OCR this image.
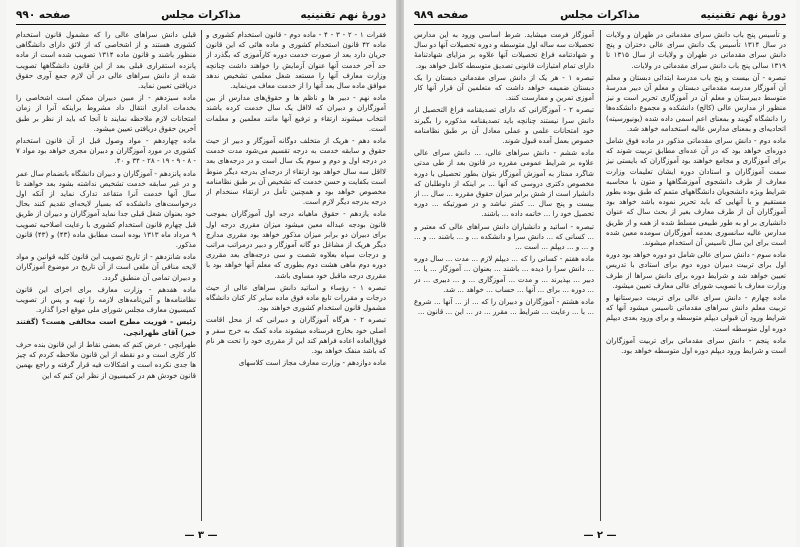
دورهٔ نهم تقنینیه
مذاکرات مجلس
صفحه ۹۹۰

فقرات ۱ - ۲ - ۳ - ۴ - ماده دوم - قانون استخدام کشوری و ماده ۴۲ قانون استخدام کشوری و ماده هائی که این قانون جریان دارد بعد از صورت خدمت دوره کارآموزی که بگذرد از حد آخر خدمت آنها عنوان آزمایش را خواهند داشت چنانچه وزارت معارف آنها را مستعد شغل معلمی تشخیص ندهد موافق ماده سال بعد آنها را از خدمت معاف می‌نماید.

ماده نهم - دبیر ها و ناظم ها و حقوق‌های مدارس از بین آموزگاران و دبیران که لااقل یک سال خدمت کرده باشند انتخاب میشوند ارتقاء و ترفیع آنها مانند معلمین و معلمات است.

ماده دهم - هریک از متخلف دوگانه آموزگار و دبیر از حیث حقوق و سابقه خدمت به درجه تقسیم می‌شود مدت خدمت در درجه اول و دوم و سوم یک سال است و در درجه‌های بعد لااقل سه سال خواهد بود ارتقاء از درجه‌ای بدرجه دیگر منوط است بکفایت و حسن خدمت که تشخیص آن بر طبق نظامنامه مخصوص خواهد بود و همچنین تأمل در ارتقاء سنخدام از درجه بدرجه دیگر لازم است.

ماده یازدهم - حقوق ماهیانه درجه اول آموزگاران بموجب قانون بودجه عبداله معین میشود میزان مقرری درجه اول برای دبیران دو برابر میزان مذکور خواهد بود مقرری مدارج دیگر هریک از مشاغل دو گانه آموزگار و دبیر درمراتب مراتب و درجات سپاه بعلاوه شصت و سی درجه‌های بعد مقرری دوره دوم ماهی هشت دوم بطوری که معلم آنها خواهد بود با مقرری درجه ماقبل خود مساوی باشد.

تبصره ۱ - رؤساء و اساتید دانش سراهای عالی از حیث درجات و مقررات تابع ماده فوق ماده سایر کار کنان دانشگاه مشمول قانون استخدام کشوری خواهند بود.

تبصره ۲ - هرگاه آموزگاران و دبیرانی که از محل اقامت اصلی خود بخارج فرستاده میشوند ماده کمک به خرج سفر و فوق‌العاده اعاده فراهم کند این از مقرری خود را تحت هر نام که باشد منفک خواهد بود.

ماده دوازدهم - وزارت معارف مجاز است کلاسهای

قبلی دانش سراهای عالی را که مشمول قانون استخدام کشوری هستند و از اشخاصی که از لائق دارای دانشگاهی منظور باشند و قانون ماده ۱۳۱۴ تصویب شده است از ماده پانزده استقراری قبلی بعد از این قانون دانشگاهها تصویب شده از دانش سراهای عالی در آن لازم جمع آوری حقوق دریافتی تعیین نماید.

ماده سیزدهم - از مبین دبیران ممکن است اشخاصی را بخدمات اداری انتقال داد مشروط براینکه آنرا از زمان امتحانات لازم ملاحظه نمایند تا آنجا که باید از نظر بر طبق آخرین حقوق دریافتی تعیین میشود.

ماده چهاردهم - مواد وصول قبل از آن قانون استخدام کشوری در مورد آموزگاران و دبیران مجری خواهد بود مواد ۷ - ۸ - ۹ - ۱۹ - ۲۸ - ۳۴ و ۴۰.

ماده پانزدهم - آموزگاران و دبیران دانشگاه بانضمام سال عمر و در غیر سابقه خدمت تشخیص نداشته بشود بعد خواهند تا سال آنها خدمت آنرا متقاعد تدارک نماید از آنکه اول درخواست‌های دانشکده که بسیار لایحه‌ای تقدیم کنند بحال خود بعنوان شغل قبلی جدا نماید آموزگاران و دبیران از طریق قبل چهارم قانون استخدام کشوری با رعایت اصلاحیه تصویب ۹ مرداد ماه ۱۳۱۳ بوده است مطابق ماده (۴۳) و (۴۳) قانون مذکور.

ماده شانزدهم - از تاریخ تصویب این قانون کلیه قوانین و مواد لایحه منافی آن ملغی است از آن تاریخ در موضوع آموزگاران و دبیران تمامی آن منطبق گردد.

ماده هفدهم - وزارت معارف برای اجرای این قانون نظامنامه‌ها و آئین‌نامه‌های لازمه را تهیه و پس از تصویب کمیسیون معارف مجلس شورای ملی موقع اجرا گذارد.

رئیس - فوریت مطرح است مخالفی هست؟ (گفتند خیر) آقای طهرانچی.

طهرانچی - عرض کنم که بعضی نقاط از این قانون بنده حرف کار کاری است و دو نقطه از این قانون ملاحظه کردم که چیز ها جدی نکرده است و اشکالات فیه قرار گرفته و راجع بهمین قانون خودش هم در کمیسیون از نظر این کنم که این

— ۳ —
دورهٔ نهم تقنینیه
مذاکرات مجلس
صفحه ۹۸۹

و تأسیس پنج باب دانش سرای مقدماتی در طهران و ولایات در سال ۱۳۱۴ تأسیس یک دانش سرای عالی دختران و پنج دانش سرای مقدماتی در طهران و ولایات از سال ۱۳۱۵ تا ۱۳۱۹ سالی پنج باب دانش سرای مقدماتی در ولایات.

تبصره - آن بیست و پنج باب مدرسهٔ ابتدائی دبستان و معلم آن آموزگار مدرسه مقدماتی دبستان و معلم آن دبیر مدرسهٔ متوسط دبیرستان و معلم آن در آموزگاری تحریر است و نیز منظور از مدارس عالی (کالج) دانشکده و مجموع دانشکده‌ها را دانشگاه گویند و بمعنای اعم اسمی داده شده (یونیورسیته) اتحادیه‌ای و بمعنای مدارس عالیه استخدامه خواهد شد.

ماده دوم - دانش سرای مقدماتی مذکور در ماده فوق شامل دوره‌ای خواهد بود که در آن عده‌ای مطابق تربیت شوند که برای آموزگاری و مجامع خواهند بود آموزگاران که بایستی نیز سمت آموزگاران و استادان دوره ایشان تعلیمات وزارت معارف از طرف دانشجوی آموزشگاهها و متون با محاسبه شرایط ویژه دانشجویان دانشگاههای متمم که طبق بوده بطور مستقیم و با آنهایی که باید تحریر نموده باشد خواهد بود آموزگاران آن از طرف معارف بغیر از بحث سال که عنوان دانشیاری بر او به طور طبیعی مسلط شده از همه و از طریق مدارس عالیه سانسوری بعدمه آموزگاران سومده معین شده است برای این سال تاسیس آن استخدام میشوند.

ماده سوم - دانش سرای عالی شامل دو دوره خواهد بود دوره اول برای تربیت دبیران دوره دوم برای استادی با تدریس تعیین خواهد شد و شرایط دوره برای دانش سراها از طرف وزارت معارف با تصویب شورای عالی معارف تعیین میشود.

ماده چهارم - دانش سرای عالی برای تربیت دبیرستانها و تربیت معلم دانش سراهای مقدماتی تاسیس میشود آنها که شرایط ورود آن قبولی دیپلم متوسطه و برای ورود بعدی دیپلم دوره اول متوسطه است.

ماده پنجم - دانش سرای مقدماتی برای تربیت آموزگاران است و شرایط ورود دیپلم دوره اول متوسطه خواهد بود.

آموزگار فرمت میشاید. شرط اساسی ورود به این مدارس تحصیلات سه ساله اول متوسطه و دوره تحصیلات آنها دو سال و شهادتنامه فراغ تحصیلات آنها علاوه بر مزایای شهادتنامهٔ دارای تمام امتیازات قانونی تصدیق متوسطه کامل خواهد بود.

تبصره ۱ - هر یک از دانش سرای مقدماتی دبستان را یک دبستان ضمیمه خواهد داشت که متعلمین آن قرار آنها کار آموزی تمرین و ممارست کنند.

تبصره ۲ - آموزگارانی که دارای تصدیقنامه فراغ التحصیل از دانش سرا نیستند چنانچه باید تصدیقنامه مذکوره را بگیرند خود امتحانات علمی و عملی معادل آن بر طبق نظامنامه خصوص بعمل آمده قبول شوند.

ماده ششم - دانش سراهای عالی، ... دانش سرای عالی علاوه بر شرایط عمومی مقرره در قانون بعد از طی مدتی شاگرد ممتاز به آموزش آموزگار بتوان بطور تحصیلی با دوره مخصوص دکتری دروسی که آنها ... بر اینکه از داوطلبان که دانشیار است از شش برابر میزان حقوق مقرره ... سال ... از بیست و پنج سال ... کمتر نباشد و در صورتیکه ... دوره تحصیل خود را ... خاتمه داده ... باشند.

تبصره - اساتید و دانشیاران دانش سراهای عالی که معتبر و ... کسانی که ... دانش سرا و دانشکده ... و ... باشند ... و ... و ... و ... دیپلم ... است ...

ماده هفتم - کسانی را که ... دیپلم لازم ... مدت ... سال دوره ... دانش سرا را دیده ... باشند ... بعنوان ... آموزگار ... یا ... دبیر ... بپذیرند ... و مدت ... آموزگاری ... و ... دبیری ... در ... دوره ... برای ... آنها ... حساب ... خواهد ... شد.

ماده هشتم - آموزگاران و دبیران را که ... از ... آنها ... شروع ... با ... رعایت ... شرایط ... مقرر ... در ... این ... قانون ...

— ۲ —
